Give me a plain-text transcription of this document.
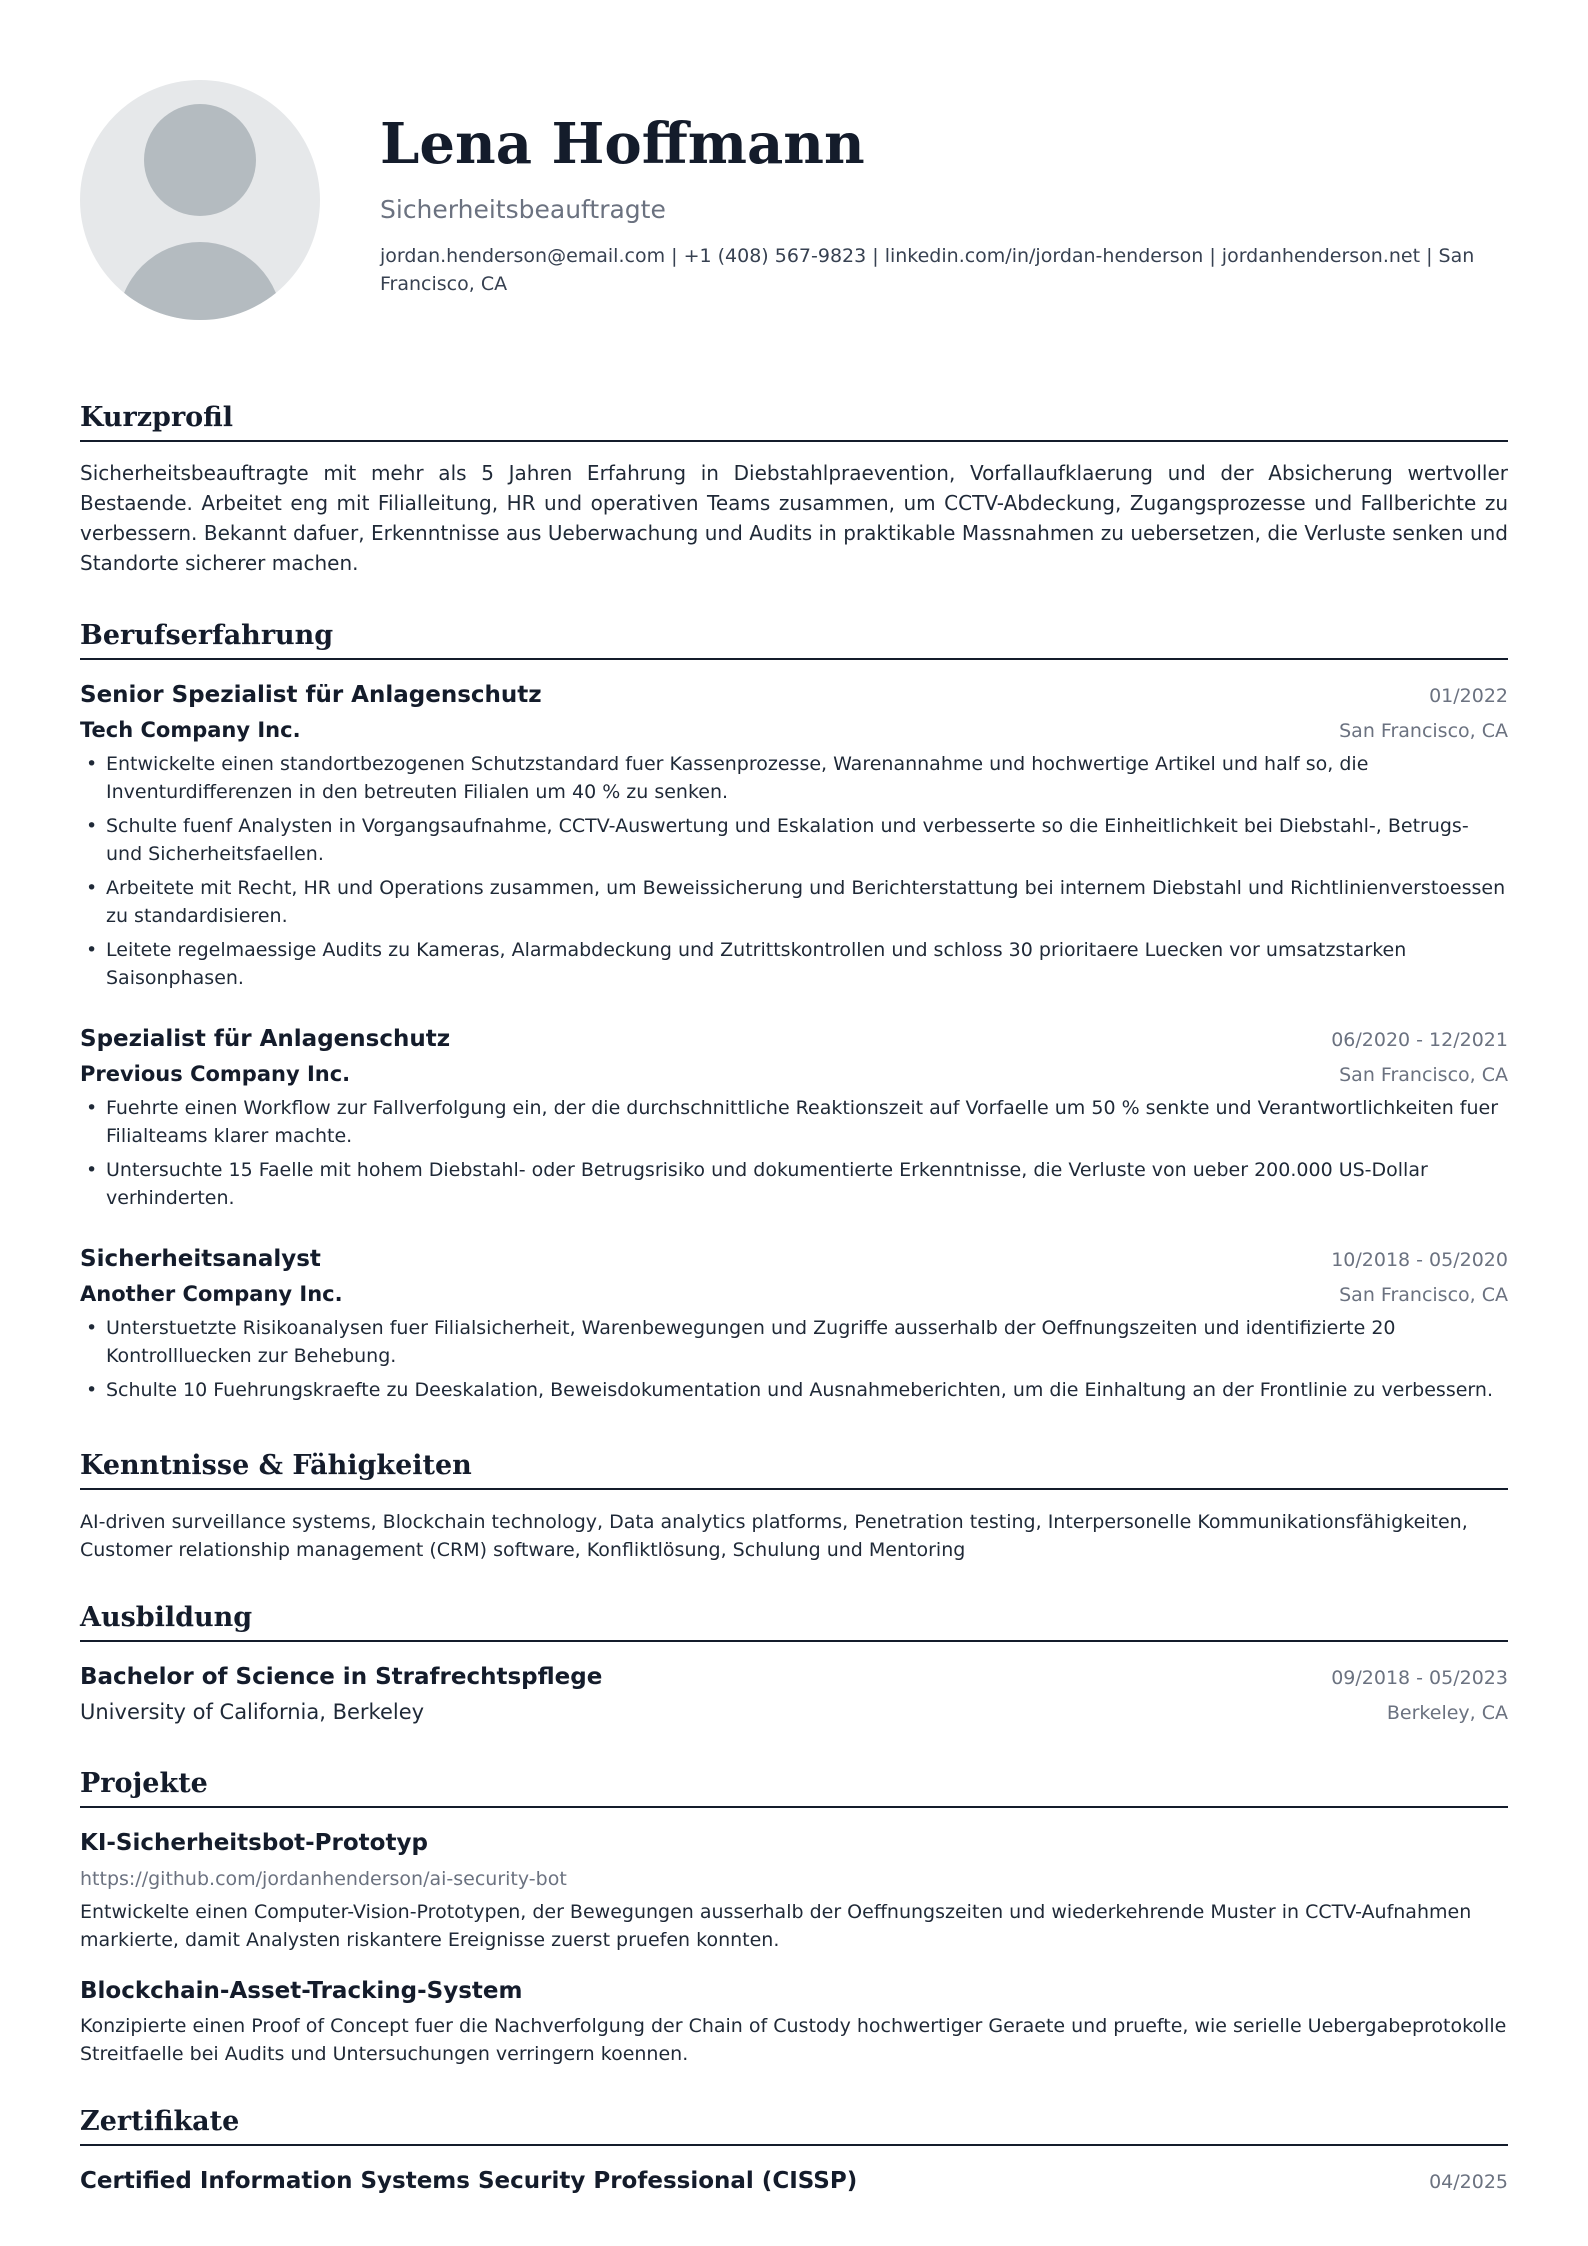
Lena Hoffmann
Sicherheitsbeauftragte
jordan.henderson@email.com | +1 (408) 567-9823 | linkedin.com/in/jordan-henderson | jordanhenderson.net | San Francisco, CA
Kurzprofil
Sicherheitsbeauftragte mit mehr als 5 Jahren Erfahrung in Diebstahlpraevention, Vorfallaufklaerung und der Absicherung wertvoller Bestaende. Arbeitet eng mit Filialleitung, HR und operativen Teams zusammen, um CCTV-Abdeckung, Zugangsprozesse und Fallberichte zu verbessern. Bekannt dafuer, Erkenntnisse aus Ueberwachung und Audits in praktikable Massnahmen zu uebersetzen, die Verluste senken und Standorte sicherer machen.
Berufserfahrung
Senior Spezialist für Anlagenschutz	01/2022
Tech Company Inc.	San Francisco, CA
• Entwickelte einen standortbezogenen Schutzstandard fuer Kassenprozesse, Warenannahme und hochwertige Artikel und half so, die Inventurdifferenzen in den betreuten Filialen um 40 % zu senken.
• Schulte fuenf Analysten in Vorgangsaufnahme, CCTV-Auswertung und Eskalation und verbesserte so die Einheitlichkeit bei Diebstahl-, Betrugs- und Sicherheitsfaellen.
• Arbeitete mit Recht, HR und Operations zusammen, um Beweissicherung und Berichterstattung bei internem Diebstahl und Richtlinienverstoessen zu standardisieren.
• Leitete regelmaessige Audits zu Kameras, Alarmabdeckung und Zutrittskontrollen und schloss 30 prioritaere Luecken vor umsatzstarken Saisonphasen.
Spezialist für Anlagenschutz	06/2020 - 12/2021
Previous Company Inc.	San Francisco, CA
• Fuehrte einen Workflow zur Fallverfolgung ein, der die durchschnittliche Reaktionszeit auf Vorfaelle um 50 % senkte und Verantwortlichkeiten fuer Filialteams klarer machte.
• Untersuchte 15 Faelle mit hohem Diebstahl- oder Betrugsrisiko und dokumentierte Erkenntnisse, die Verluste von ueber 200.000 US-Dollar verhinderten.
Sicherheitsanalyst	10/2018 - 05/2020
Another Company Inc.	San Francisco, CA
• Unterstuetzte Risikoanalysen fuer Filialsicherheit, Warenbewegungen und Zugriffe ausserhalb der Oeffnungszeiten und identifizierte 20 Kontrollluecken zur Behebung.
• Schulte 10 Fuehrungskraefte zu Deeskalation, Beweisdokumentation und Ausnahmeberichten, um die Einhaltung an der Frontlinie zu verbessern.
Kenntnisse & Fähigkeiten
AI-driven surveillance systems, Blockchain technology, Data analytics platforms, Penetration testing, Interpersonelle Kommunikationsfähigkeiten, Customer relationship management (CRM) software, Konfliktlösung, Schulung und Mentoring
Ausbildung
Bachelor of Science in Strafrechtspflege	09/2018 - 05/2023
University of California, Berkeley	Berkeley, CA
Projekte
KI-Sicherheitsbot-Prototyp
https://github.com/jordanhenderson/ai-security-bot
Entwickelte einen Computer-Vision-Prototypen, der Bewegungen ausserhalb der Oeffnungszeiten und wiederkehrende Muster in CCTV-Aufnahmen markierte, damit Analysten riskantere Ereignisse zuerst pruefen konnten.
Blockchain-Asset-Tracking-System
Konzipierte einen Proof of Concept fuer die Nachverfolgung der Chain of Custody hochwertiger Geraete und pruefte, wie serielle Uebergabeprotokolle Streitfaelle bei Audits und Untersuchungen verringern koennen.
Zertifikate
Certified Information Systems Security Professional (CISSP)	04/2025
